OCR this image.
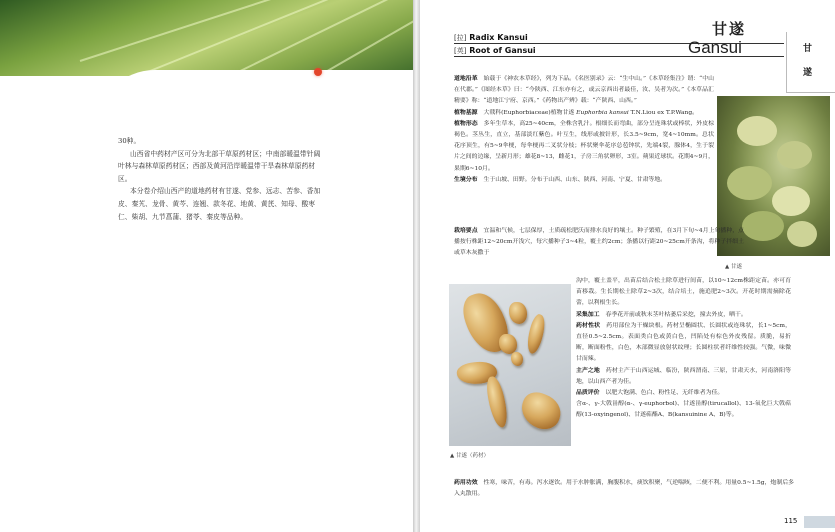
30种。

山西省中药材产区可分为北部干草原药材区；中南部暖温带针阔叶林与森林草原药材区；西部及黄河沿岸暖温带干旱森林草原药材区。

本分卷介绍山西产的道地药材有甘遂、党参、远志、苦参、香加皮、秦艽、龙骨、黄芩、连翘、款冬花、地黄、黄芪、知母、酸枣仁、柴胡、九节菖蒲、猪苓、秦皮等品种。

[拉] Radix Kansui
[英] Root of Gansui
甘遂
Gansui	甘
遂

道地沿革　 始载于《神农本草经》，列为下品。《名医别录》云：“生中山。”《本草经集注》谓：“中山在代郡。”《图经本草》曰：“今陕西、江东亦有之，或云京西出者最佳，汝、吴者为次。”《本草品汇精要》称：“道地江宁府、京西。”《药物出产辨》载：“产陕西、山西。”

植物基源　 大戟科(Euphorbiaceae)植物甘遂 Euphorbia kansui T.N.Liou ex T.P.Wang。

植物形态　 多年生草本，高25~40cm，全株含乳汁。根细长而弯曲，部分呈连珠状或棒状，外皮棕褐色。茎丛生，直立，基部淡红紫色。叶互生，线形或披针形，长3.5~9cm，宽4~10mm。总状花序顶生，有5~9伞梗，每伞梗再二叉状分枝；杯状聚伞花序总苞钟状，先端4裂，腺体4，生于裂片之间的边缘，呈新月形；雄花8~13，雌花1，子房三角状卵形，3室。蒴果近球状。花期4~9月，果期6~10月。

生境分布　 生于山坡、田野。分布于山西、山东、陕西、河南、宁夏、甘肃等地。

▲ 甘遂

栽培要点　 宜温和气候，七层保厚，土质疏松肥沃而排水良好的壤土。种子繁殖，在3月下旬~4月上旬播种，点播按行株距12~20cm开浅穴，每穴播种子3~4粒，覆土约2cm；条播以行距20~25cm开条沟，将种子拌细土或草木灰撒于

▲ 甘遂（药材）

沟中，覆土盖平，出苗后结合松土除草进行间苗，以10~12cm株距定苗。亦可育苗移栽。生长期松土除草2~3次，结合培土，施追肥2~3次。开花时期需摘除花蕾，以利根生长。

采集加工　 春季花开前或秋末茎叶枯萎后采挖，撞去外皮，晒干。

药材性状　 药用部位为干燥块根。药材呈椭圆状、长圆状或连珠状，长1~5cm，直径0.5~2.5cm。表面类白色或黄白色，凹陷处有棕色外皮残留。质脆，易折断，断面粉性，白色，木部微显放射状纹理；长圆柱状者纤维性较强。气微，味微甘而辣。

主产之地　 药材主产于山西运城、临汾，陕西渭南、三原，甘肃天水，河南洛阳等地，以山西产者为佳。

品质评价　 以肥大饱满、色白、粉性足、无纤维者为佳。

含α-、γ-大戟甾醇(α-、γ-euphorbol)、甘遂甾醇(tirucallol)、13-氧化巨大戟萜醇(13-oxyingenol)、甘遂萜酯A、B(kansuinine A、B)等。

药用功效　 性寒，味苦，有毒。泻水逐饮。用于水肿胀满，胸腹积水，痰饮积聚，气逆喘咳，二便不利。用量0.5~1.5g，炮制后多入丸散用。

115
